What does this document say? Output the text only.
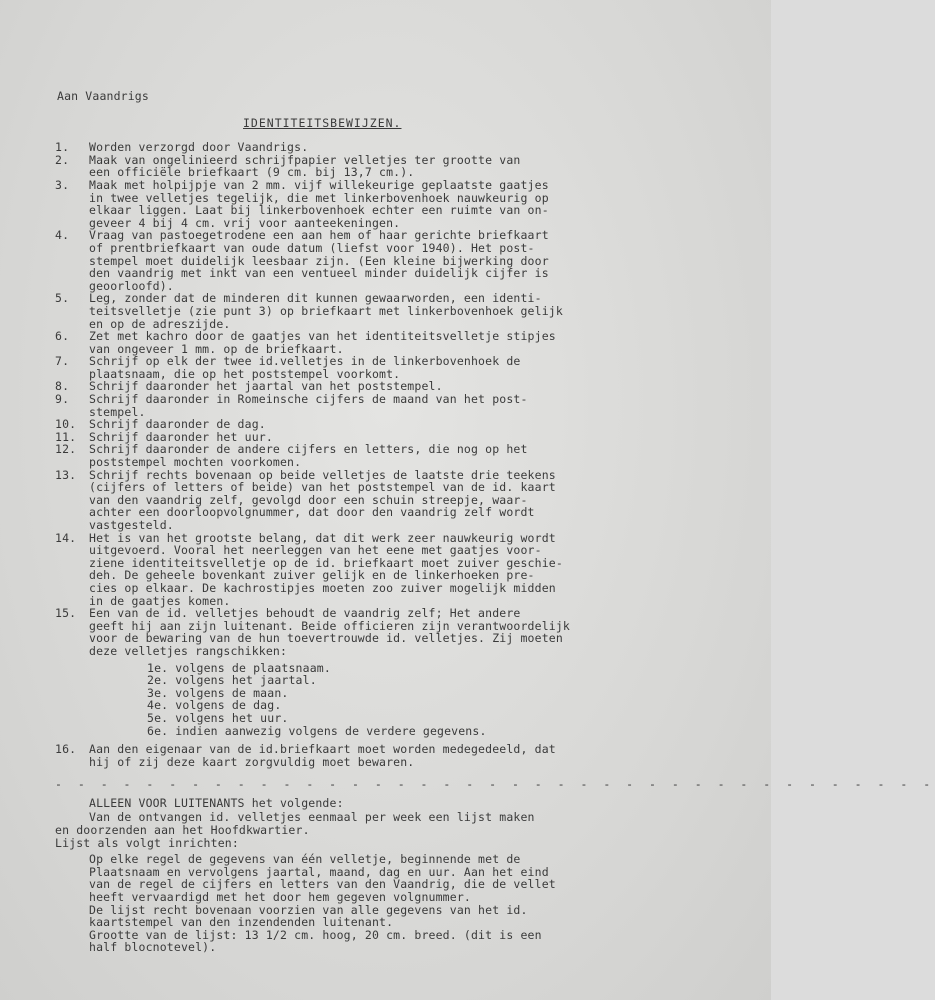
Aan Vaandrigs
IDENTITEITSBEWIJZEN.
1.	Worden verzorgd door Vaandrigs.
2.	Maak van ongelinieerd schrijfpapier velletjes ter grootte van
een officiële briefkaart (9 cm. bij 13,7 cm.).
3.	Maak met holpijpje van 2 mm. vijf willekeurige geplaatste gaatjes
in twee velletjes tegelijk, die met linkerbovenhoek nauwkeurig op
elkaar liggen. Laat bij linkerbovenhoek echter een ruimte van on-
geveer 4 bij 4 cm. vrij voor aanteekeningen.
4.	Vraag van pastoegetrodene een aan hem of haar gerichte briefkaart
of prentbriefkaart van oude datum (liefst voor 1940). Het post-
stempel moet duidelijk leesbaar zijn. (Een kleine bijwerking door
den vaandrig met inkt van een ventueel minder duidelijk cijfer is
geoorloofd).
5.	Leg, zonder dat de minderen dit kunnen gewaarworden, een identi-
teitsvelletje (zie punt 3) op briefkaart met linkerbovenhoek gelijk
en op de adreszijde.
6.	Zet met kachro door de gaatjes van het identiteitsvelletje stipjes
van ongeveer 1 mm. op de briefkaart.
7.	Schrijf op elk der twee id.velletjes in de linkerbovenhoek de
plaatsnaam, die op het poststempel voorkomt.
8.	Schrijf daaronder het jaartal van het poststempel.
9.	Schrijf daaronder in Romeinsche cijfers de maand van het post-
stempel.
10.	Schrijf daaronder de dag.
11.	Schrijf daaronder het uur.
12.	Schrijf daaronder de andere cijfers en letters, die nog op het
poststempel mochten voorkomen.
13.	Schrijf rechts bovenaan op beide velletjes de laatste drie teekens
(cijfers of letters of beide) van het poststempel van de id. kaart
van den vaandrig zelf, gevolgd door een schuin streepje, waar-
achter een doorloopvolgnummer, dat door den vaandrig zelf wordt
vastgesteld.
14.	Het is van het grootste belang, dat dit werk zeer nauwkeurig wordt
uitgevoerd. Vooral het neerleggen van het eene met gaatjes voor-
ziene identiteitsvelletje op de id. briefkaart moet zuiver geschie-
deh. De geheele bovenkant zuiver gelijk en de linkerhoeken pre-
cies op elkaar. De kachrostipjes moeten zoo zuiver mogelijk midden
in de gaatjes komen.
15.	Een van de id. velletjes behoudt de vaandrig zelf; Het andere
geeft hij aan zijn luitenant. Beide officieren zijn verantwoordelijk
voor de bewaring van de hun toevertrouwde id. velletjes. Zij moeten
deze velletjes rangschikken:
1e. volgens de plaatsnaam.
2e. volgens het jaartal.
3e. volgens de maan.
4e. volgens de dag.
5e. volgens het uur.
6e. indien aanwezig volgens de verdere gegevens.
16.	Aan den eigenaar van de id.briefkaart moet worden medegedeeld, dat
hij of zij deze kaart zorgvuldig moet bewaren.
- - - - - - - - - - - - - - - - - - - - - - - - - - - - - - - - - - - - - - -
ALLEEN VOOR LUITENANTS het volgende:
Van de ontvangen id. velletjes eenmaal per week een lijst maken
en doorzenden aan het Hoofdkwartier.
Lijst als volgt inrichten:
Op elke regel de gegevens van één velletje, beginnende met de
Plaatsnaam en vervolgens jaartal, maand, dag en uur. Aan het eind
van de regel de cijfers en letters van den Vaandrig, die de vellet
heeft vervaardigd met het door hem gegeven volgnummer.
De lijst recht bovenaan voorzien van alle gegevens van het id.
kaartstempel van den inzendenden luitenant.
Grootte van de lijst: 13 1/2 cm. hoog, 20 cm. breed. (dit is een
half blocnotevel).
